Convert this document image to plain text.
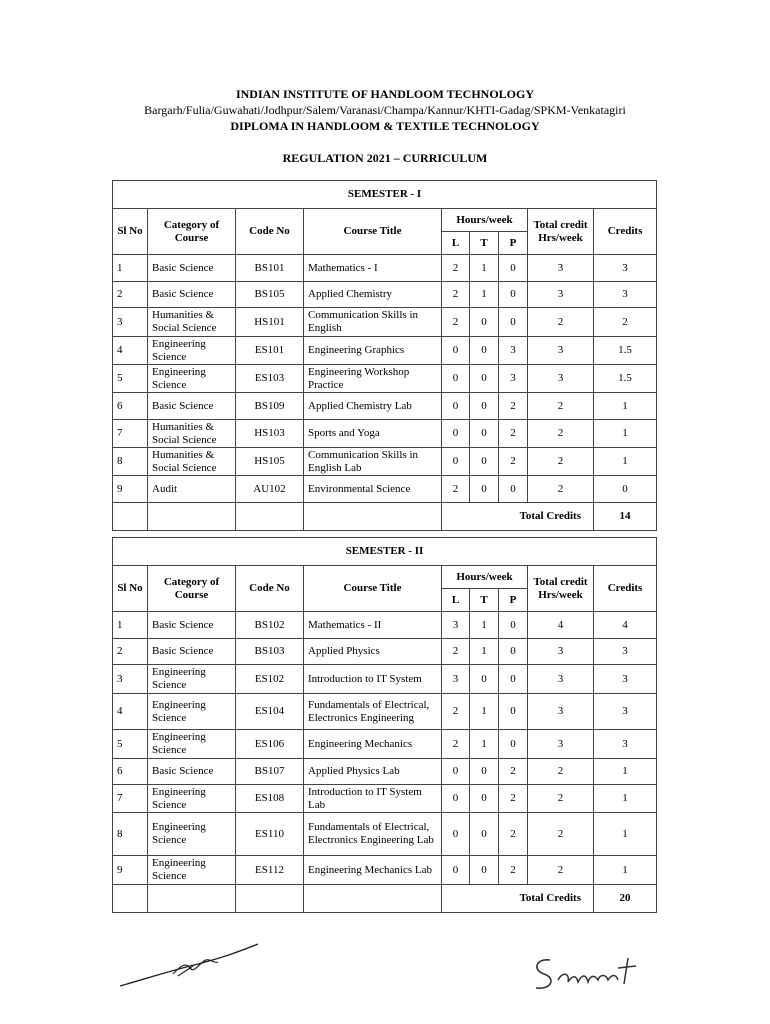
INDIAN INSTITUTE OF HANDLOOM TECHNOLOGY
Bargarh/Fulia/Guwahati/Jodhpur/Salem/Varanasi/Champa/Kannur/KHTI-Gadag/SPKM-Venkatagiri
DIPLOMA IN HANDLOOM & TEXTILE TECHNOLOGY
REGULATION 2021 – CURRICULUM
SEMESTER - I								
Sl No	Category of Course	Code No	Course Title	Hours/week			Total credit Hrs/week	Credits
				L	T	P		
1	Basic Science	BS101	Mathematics - I	2	1	0	3	3
2	Basic Science	BS105	Applied Chemistry	2	1	0	3	3
3	Humanities & Social Science	HS101	Communication Skills in English	2	0	0	2	2
4	Engineering Science	ES101	Engineering Graphics	0	0	3	3	1.5
5	Engineering Science	ES103	Engineering Workshop Practice	0	0	3	3	1.5
6	Basic Science	BS109	Applied Chemistry Lab	0	0	2	2	1
7	Humanities & Social Science	HS103	Sports and Yoga	0	0	2	2	1
8	Humanities & Social Science	HS105	Communication Skills in English Lab	0	0	2	2	1
9	Audit	AU102	Environmental Science	2	0	0	2	0
				Total Credits				14
SEMESTER - II								
Sl No	Category of Course	Code No	Course Title	Hours/week			Total credit Hrs/week	Credits
				L	T	P		
1	Basic Science	BS102	Mathematics - II	3	1	0	4	4
2	Basic Science	BS103	Applied Physics	2	1	0	3	3
3	Engineering Science	ES102	Introduction to IT System	3	0	0	3	3
4	Engineering Science	ES104	Fundamentals of Electrical, Electronics Engineering	2	1	0	3	3
5	Engineering Science	ES106	Engineering Mechanics	2	1	0	3	3
6	Basic Science	BS107	Applied Physics Lab	0	0	2	2	1
7	Engineering Science	ES108	Introduction to IT System Lab	0	0	2	2	1
8	Engineering Science	ES110	Fundamentals of Electrical, Electronics Engineering Lab	0	0	2	2	1
9	Engineering Science	ES112	Engineering Mechanics Lab	0	0	2	2	1
				Total Credits				20
